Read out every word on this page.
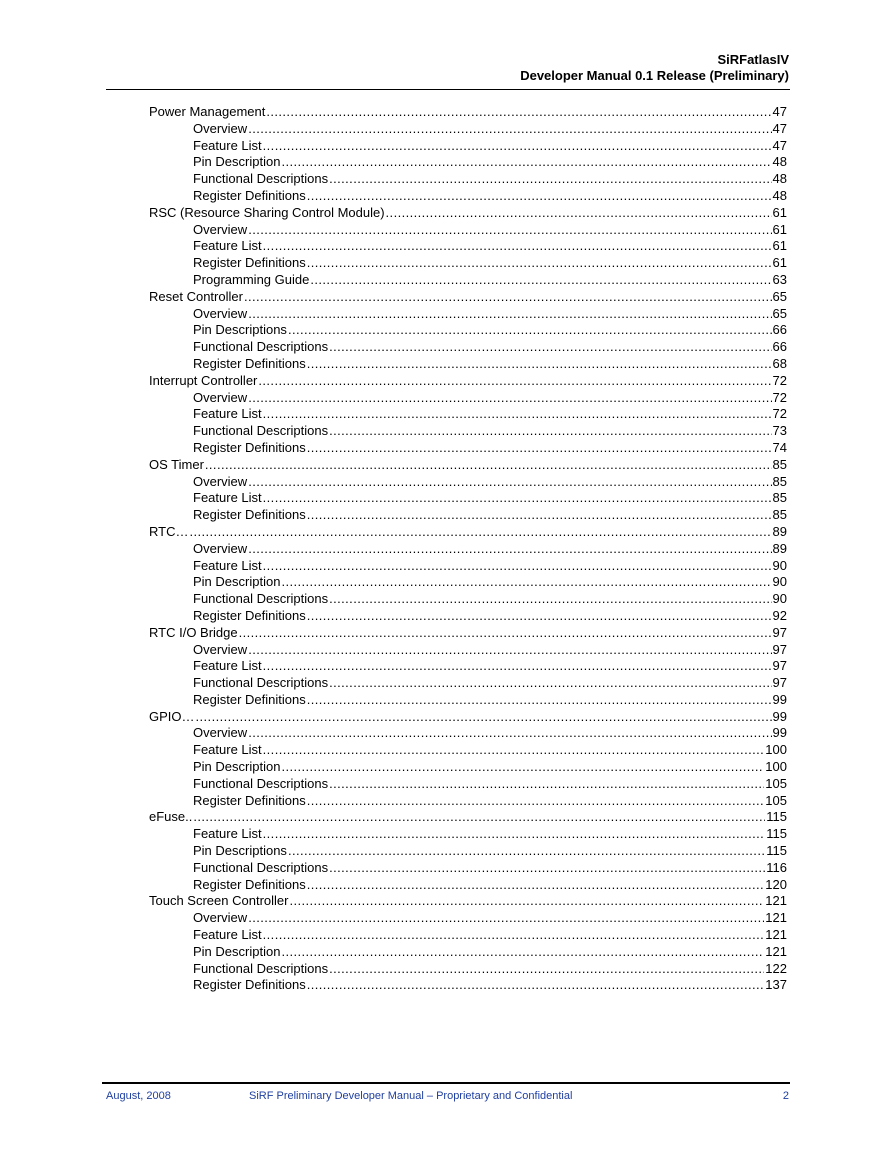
SiRFatlasIV
Developer Manual 0.1 Release (Preliminary)
Power Management .....	47
Overview .....	47
Feature List .....	47
Pin Description .....	48
Functional Descriptions .....	48
Register Definitions .....	48
RSC (Resource Sharing Control Module) .....	61
Overview .....	61
Feature List .....	61
Register Definitions .....	61
Programming Guide .....	63
Reset Controller .....	65
Overview .....	65
Pin Descriptions .....	66
Functional Descriptions .....	66
Register Definitions .....	68
Interrupt Controller .....	72
Overview .....	72
Feature List .....	72
Functional Descriptions .....	73
Register Definitions .....	74
OS Timer .....	85
Overview .....	85
Feature List .....	85
Register Definitions .....	85
RTC… .....	89
Overview .....	89
Feature List .....	90
Pin Description .....	90
Functional Descriptions .....	90
Register Definitions .....	92
RTC I/O Bridge .....	97
Overview .....	97
Feature List .....	97
Functional Descriptions .....	97
Register Definitions .....	99
GPIO… .....	99
Overview .....	99
Feature List .....	100
Pin Description .....	100
Functional Descriptions .....	105
Register Definitions .....	105
eFuse.. .....	115
Feature List .....	115
Pin Descriptions .....	115
Functional Descriptions .....	116
Register Definitions .....	120
Touch Screen Controller .....	121
Overview .....	121
Feature List .....	121
Pin Description .....	121
Functional Descriptions .....	122
Register Definitions .....	137
August, 2008	SiRF Preliminary Developer Manual – Proprietary and Confidential	2
